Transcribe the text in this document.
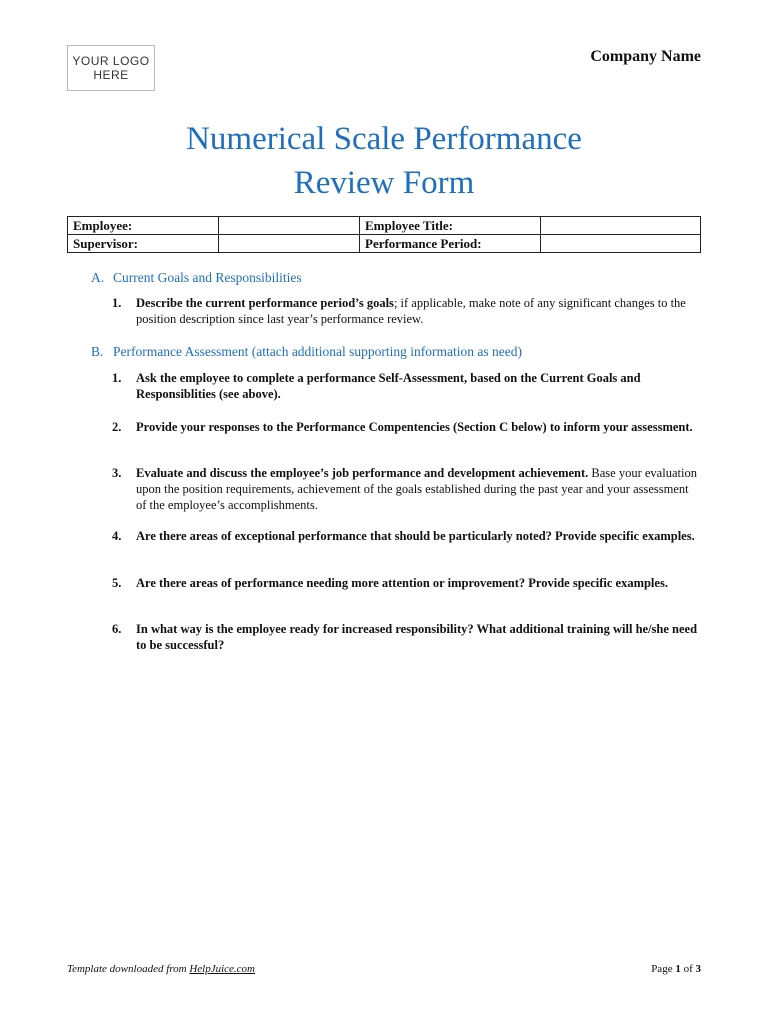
YOUR LOGO
HERE
Company Name
Numerical Scale Performance
Review Form
Employee:		Employee Title:	
Supervisor:		Performance Period:	
A. Current Goals and Responsibilities
1.	Describe the current performance period’s goals; if applicable, make note of any significant changes to the position description since last year’s performance review.
B. Performance Assessment (attach additional supporting information as need)
1.	Ask the employee to complete a performance Self-Assessment, based on the Current Goals and Responsiblities (see above).
2.	Provide your responses to the Performance Compentencies (Section C below) to inform your assessment.
3.	Evaluate and discuss the employee’s job performance and development achievement. Base your evaluation upon the position requirements, achievement of the goals established during the past year and your assessment of the employee’s accomplishments.
4.	Are there areas of exceptional performance that should be particularly noted? Provide specific examples.
5.	Are there areas of performance needing more attention or improvement? Provide specific examples.
6.	In what way is the employee ready for increased responsibility? What additional training will he/she need to be successful?
Template downloaded from HelpJuice.com	Page 1 of 3
